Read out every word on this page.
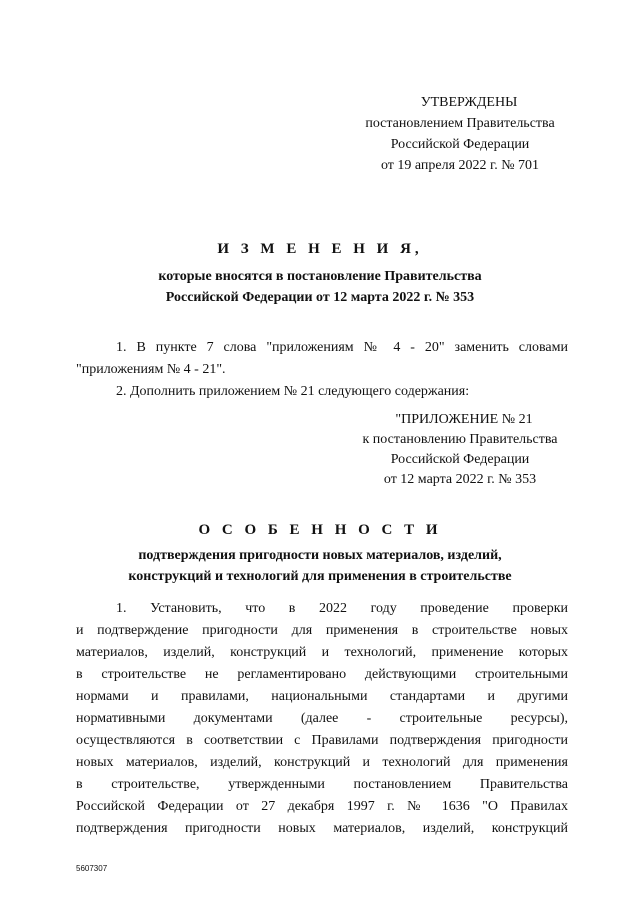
УТВЕРЖДЕНЫ
постановлением Правительства
Российской Федерации
от 19 апреля 2022 г. № 701
И З М Е Н Е Н И Я,
которые вносятся в постановление Правительства
Российской Федерации от 12 марта 2022 г. № 353
1. В пункте 7 слова "приложениям № 4 - 20" заменить словами
"приложениям № 4 - 21".
2. Дополнить приложением № 21 следующего содержания:
"ПРИЛОЖЕНИЕ № 21
к постановлению Правительства
Российской Федерации
от 12 марта 2022 г. № 353
О С О Б Е Н Н О С Т И
подтверждения пригодности новых материалов, изделий,
конструкций и технологий для применения в строительстве
1. Установить, что в 2022 году проведение проверки
и подтверждение пригодности для применения в строительстве новых
материалов, изделий, конструкций и технологий, применение которых
в строительстве не регламентировано действующими строительными
нормами и правилами, национальными стандартами и другими
нормативными документами (далее - строительные ресурсы),
осуществляются в соответствии с Правилами подтверждения пригодности
новых материалов, изделий, конструкций и технологий для применения
в строительстве, утвержденными постановлением Правительства
Российской Федерации от 27 декабря 1997 г. № 1636 "О Правилах
подтверждения пригодности новых материалов, изделий, конструкций
5607307
